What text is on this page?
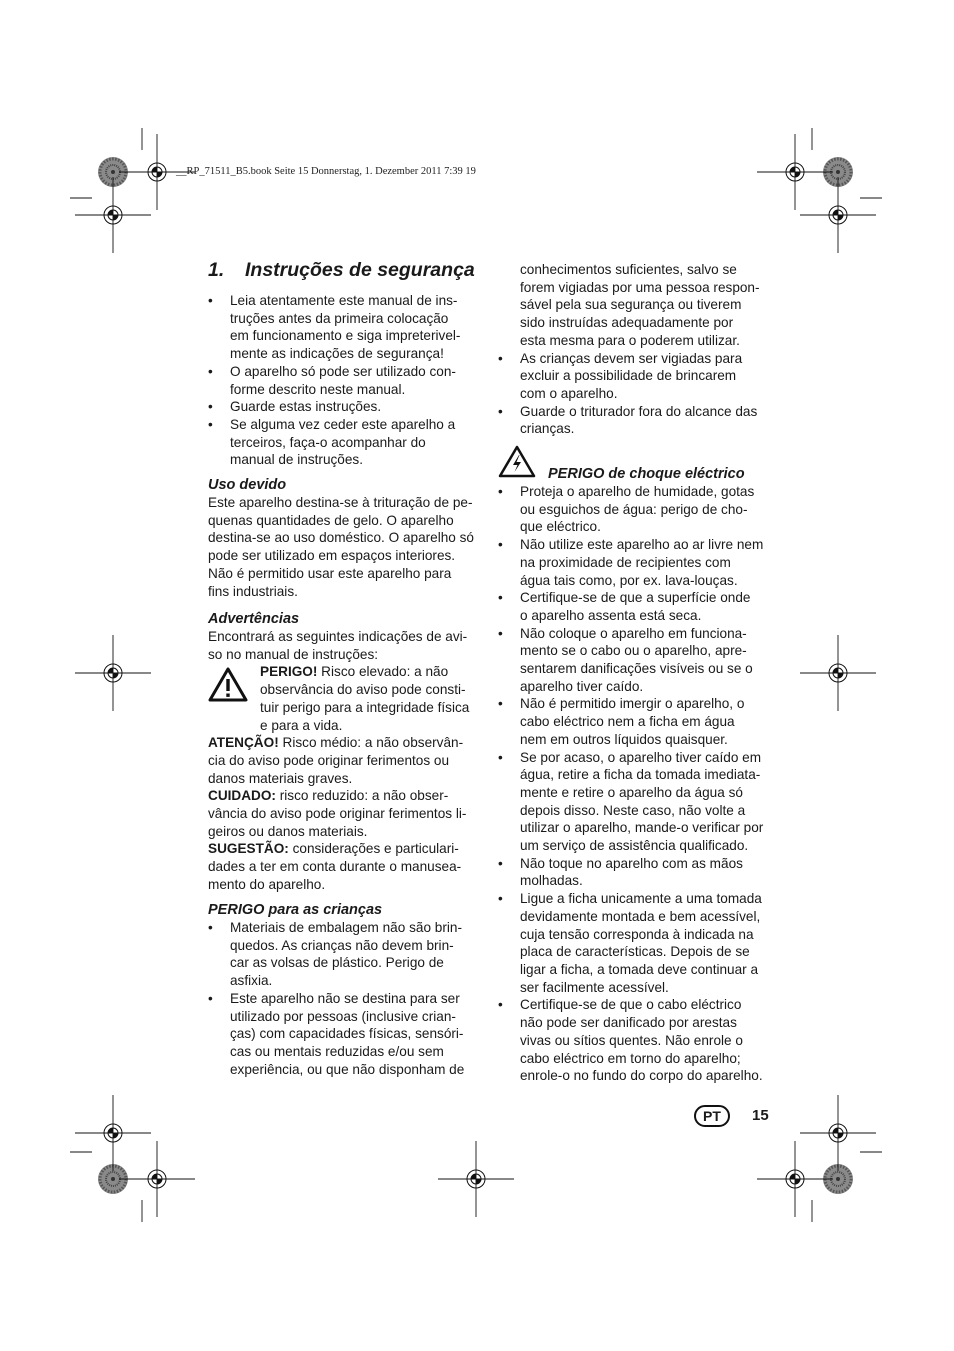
__RP_71511_B5.book Seite 15 Donnerstag, 1. Dezember 2011 7:39 19
1. Instruções de segurança

• Leia atentamente este manual de ins-
truções antes da primeira colocação
em funcionamento e siga impreterivel-
mente as indicações de segurança!

• O aparelho só pode ser utilizado con-
forme descrito neste manual.

• Guarde estas instruções.

• Se alguma vez ceder este aparelho a
terceiros, faça-o acompanhar do
manual de instruções.

Uso devido

Este aparelho destina-se à trituração de pe-
quenas quantidades de gelo. O aparelho
destina-se ao uso doméstico. O aparelho só
pode ser utilizado em espaços interiores.
Não é permitido usar este aparelho para
fins industriais.

Advertências

Encontrará as seguintes indicações de avi-
so no manual de instruções:

PERIGO! Risco elevado: a não
observância do aviso pode consti-
tuir perigo para a integridade física
e para a vida.

ATENÇÃO! Risco médio: a não observân-
cia do aviso pode originar ferimentos ou
danos materiais graves.

CUIDADO: risco reduzido: a não obser-
vância do aviso pode originar ferimentos li-
geiros ou danos materiais.

SUGESTÃO: considerações e particulari-
dades a ter em conta durante o manusea-
mento do aparelho.

PERIGO para as crianças

• Materiais de embalagem não são brin-
quedos. As crianças não devem brin-
car as volsas de plástico. Perigo de
asfixia.

• Este aparelho não se destina para ser
utilizado por pessoas (inclusive crian-
ças) com capacidades físicas, sensóri-
cas ou mentais reduzidas e/ou sem
experiência, ou que não disponham de

conhecimentos suficientes, salvo se
forem vigiadas por uma pessoa respon-
sável pela sua segurança ou tiverem
sido instruídas adequadamente por
esta mesma para o poderem utilizar.

• As crianças devem ser vigiadas para
excluir a possibilidade de brincarem
com o aparelho.

• Guarde o triturador fora do alcance das
crianças.

PERIGO de choque eléctrico

• Proteja o aparelho de humidade, gotas
ou esguichos de água: perigo de cho-
que eléctrico.

• Não utilize este aparelho ao ar livre nem
na proximidade de recipientes com
água tais como, por ex. lava-louças.

• Certifique-se de que a superfície onde
o aparelho assenta está seca.

• Não coloque o aparelho em funciona-
mento se o cabo ou o aparelho, apre-
sentarem danificações visíveis ou se o
aparelho tiver caído.

• Não é permitido imergir o aparelho, o
cabo eléctrico nem a ficha em água
nem em outros líquidos quaisquer.

• Se por acaso, o aparelho tiver caído em
água, retire a ficha da tomada imediata-
mente e retire o aparelho da água só
depois disso. Neste caso, não volte a
utilizar o aparelho, mande-o verificar por
um serviço de assistência qualificado.

• Não toque no aparelho com as mãos
molhadas.

• Ligue a ficha unicamente a uma tomada
devidamente montada e bem acessível,
cuja tensão corresponda à indicada na
placa de características. Depois de se
ligar a ficha, a tomada deve continuar a
ser facilmente acessível.

• Certifique-se de que o cabo eléctrico
não pode ser danificado por arestas
vivas ou sítios quentes. Não enrole o
cabo eléctrico em torno do aparelho;
enrole-o no fundo do corpo do aparelho.

PT	15
